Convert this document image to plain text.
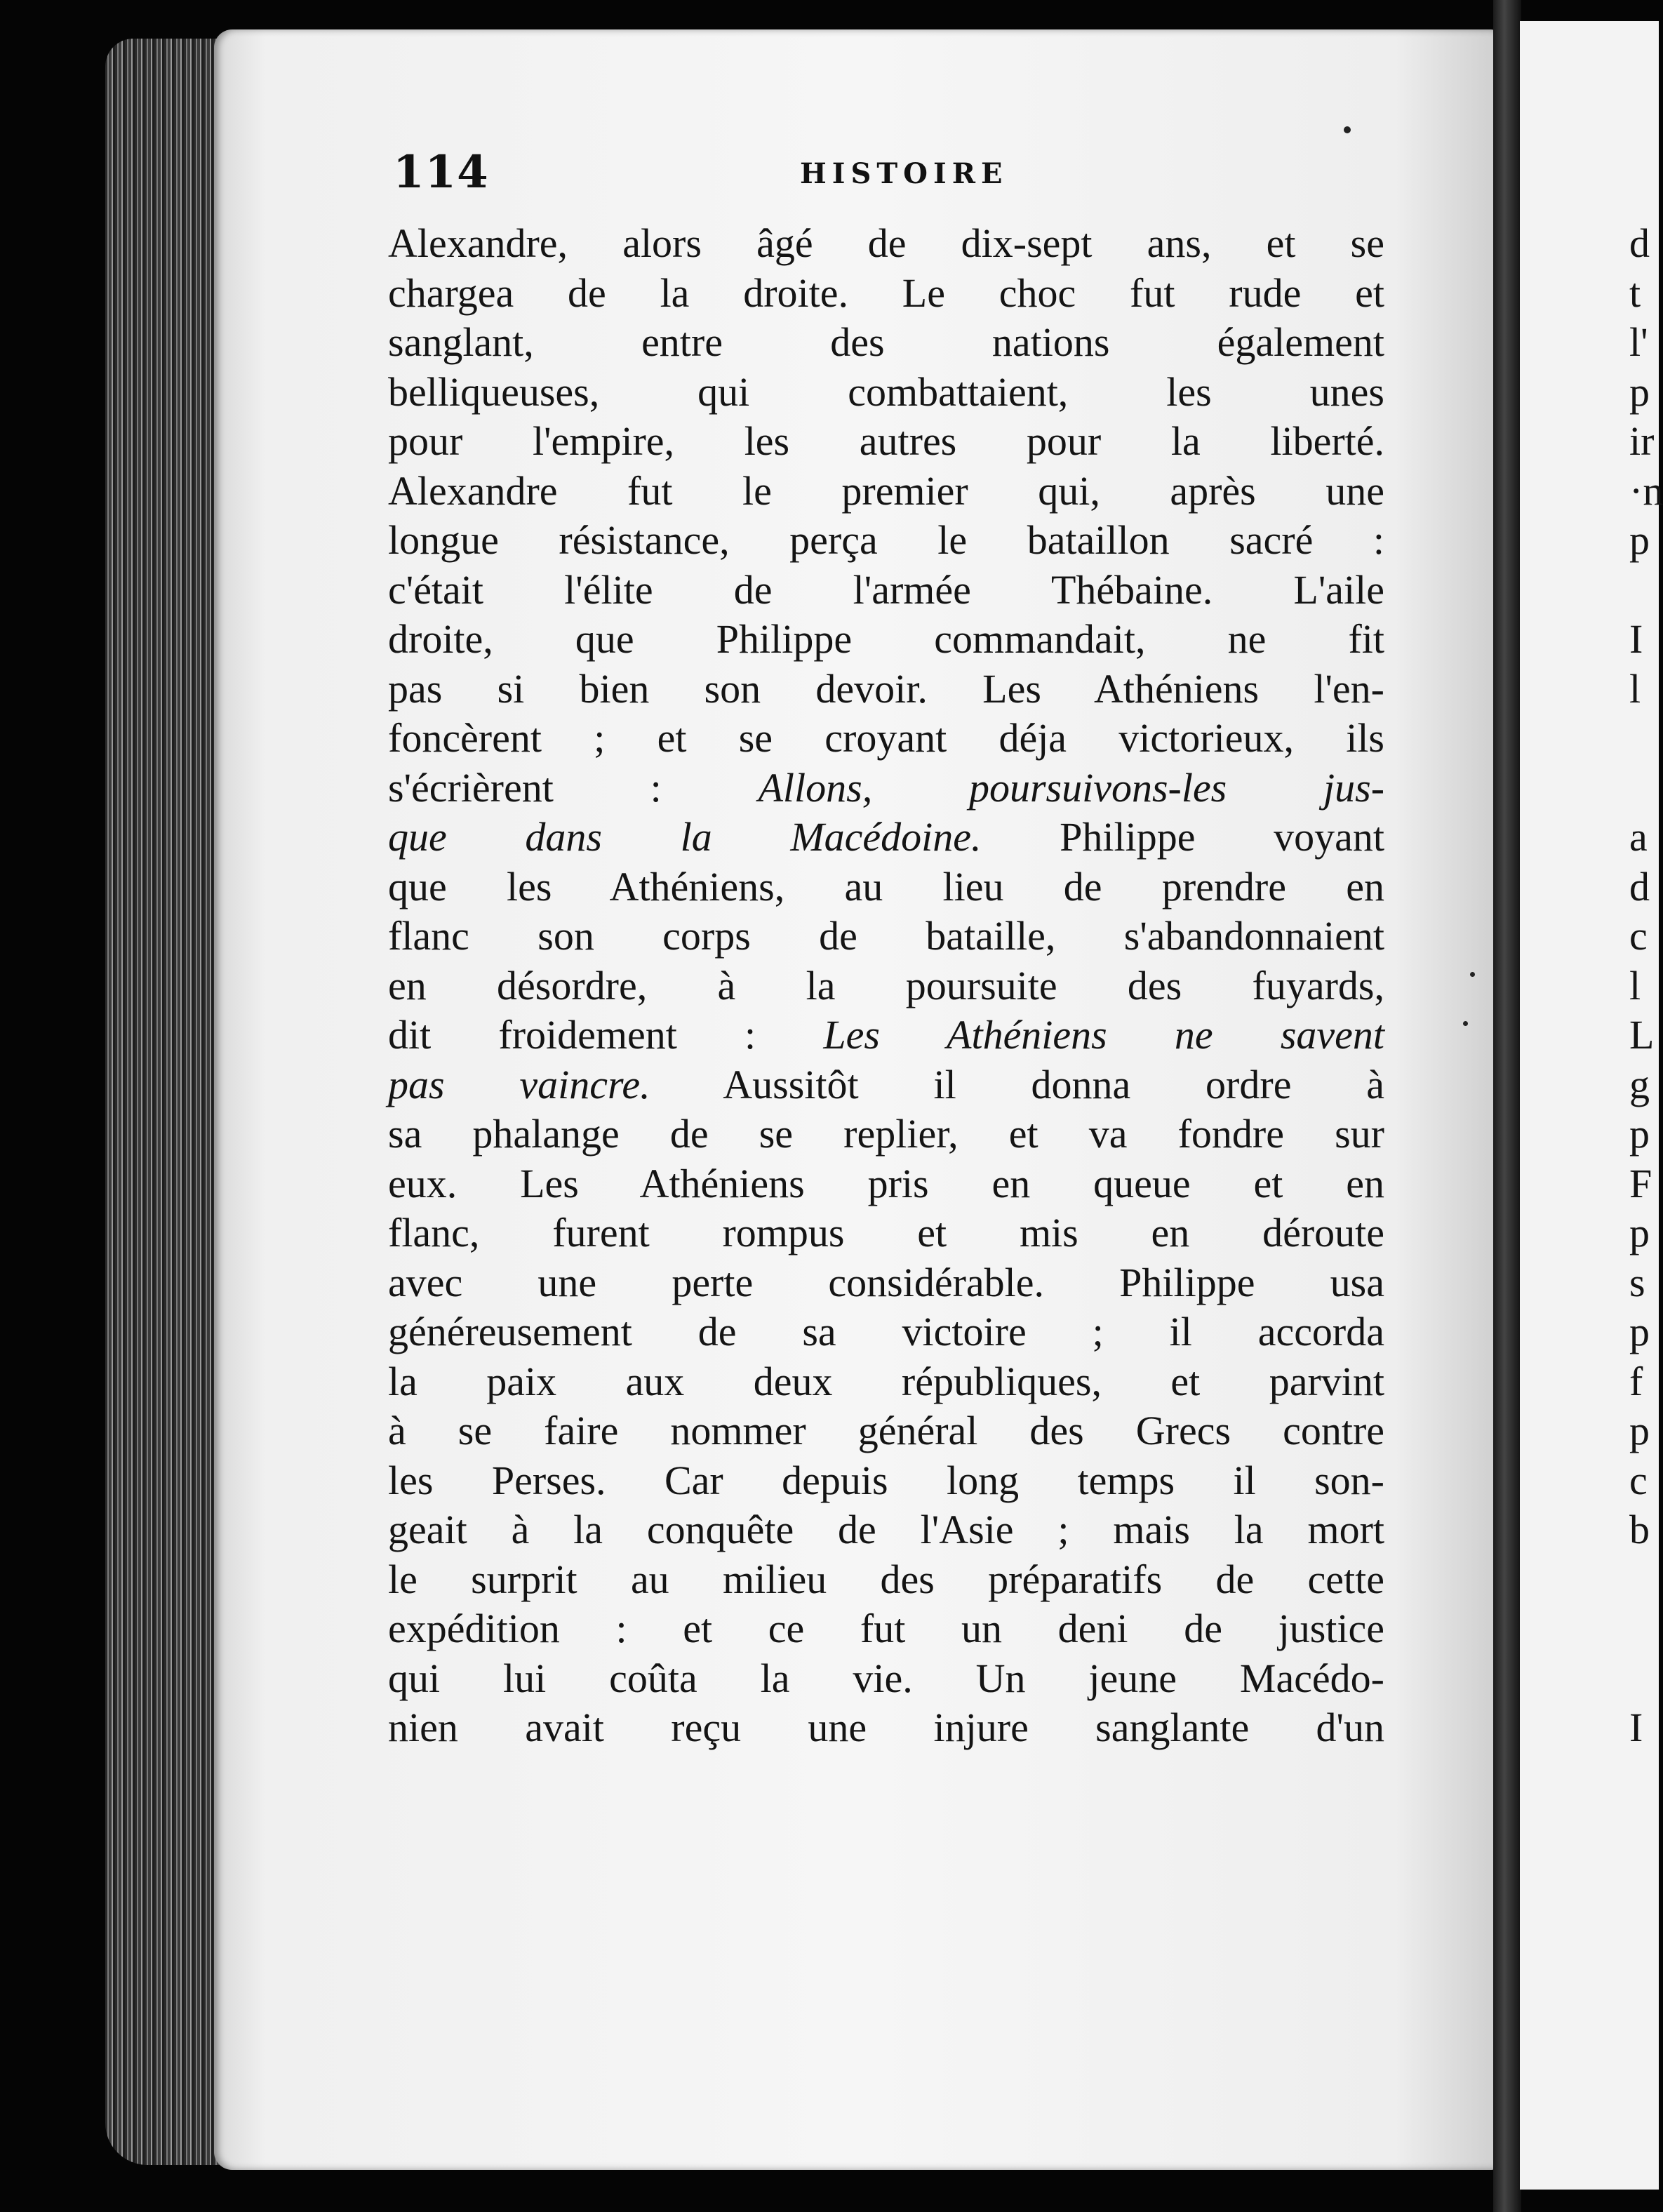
114	HISTOIRE
Alexandre, alors âgé de dix-sept ans, et se
chargea de la droite. Le choc fut rude et
sanglant, entre des nations également
belliqueuses, qui combattaient, les unes
pour l'empire, les autres pour la liberté.
Alexandre fut le premier qui, après une
longue résistance, perça le bataillon sacré :
c'était l'élite de l'armée Thébaine. L'aile
droite, que Philippe commandait, ne fit
pas si bien son devoir. Les Athéniens l'en-
foncèrent ; et se croyant déja victorieux, ils
s'écrièrent : Allons, poursuivons-les jus-
que dans la Macédoine. Philippe voyant
que les Athéniens, au lieu de prendre en
flanc son corps de bataille, s'abandonnaient
en désordre, à la poursuite des fuyards,
dit froidement : Les Athéniens ne savent
pas vaincre. Aussitôt il donna ordre à
sa phalange de se replier, et va fondre sur
eux. Les Athéniens pris en queue et en
flanc, furent rompus et mis en déroute
avec une perte considérable. Philippe usa
généreusement de sa victoire ; il accorda
la paix aux deux républiques, et parvint
à se faire nommer général des Grecs contre
les Perses. Car depuis long temps il son-
geait à la conquête de l'Asie ; mais la mort
le surprit au milieu des préparatifs de cette
expédition : et ce fut un deni de justice
qui lui coûta la vie. Un jeune Macédo-
nien avait reçu une injure sanglante d'un
d
t
l'
p
ir
·n
p
I
l
a
d
c
l
L
g
p
F
p
s
p
f
p
c
b
I
